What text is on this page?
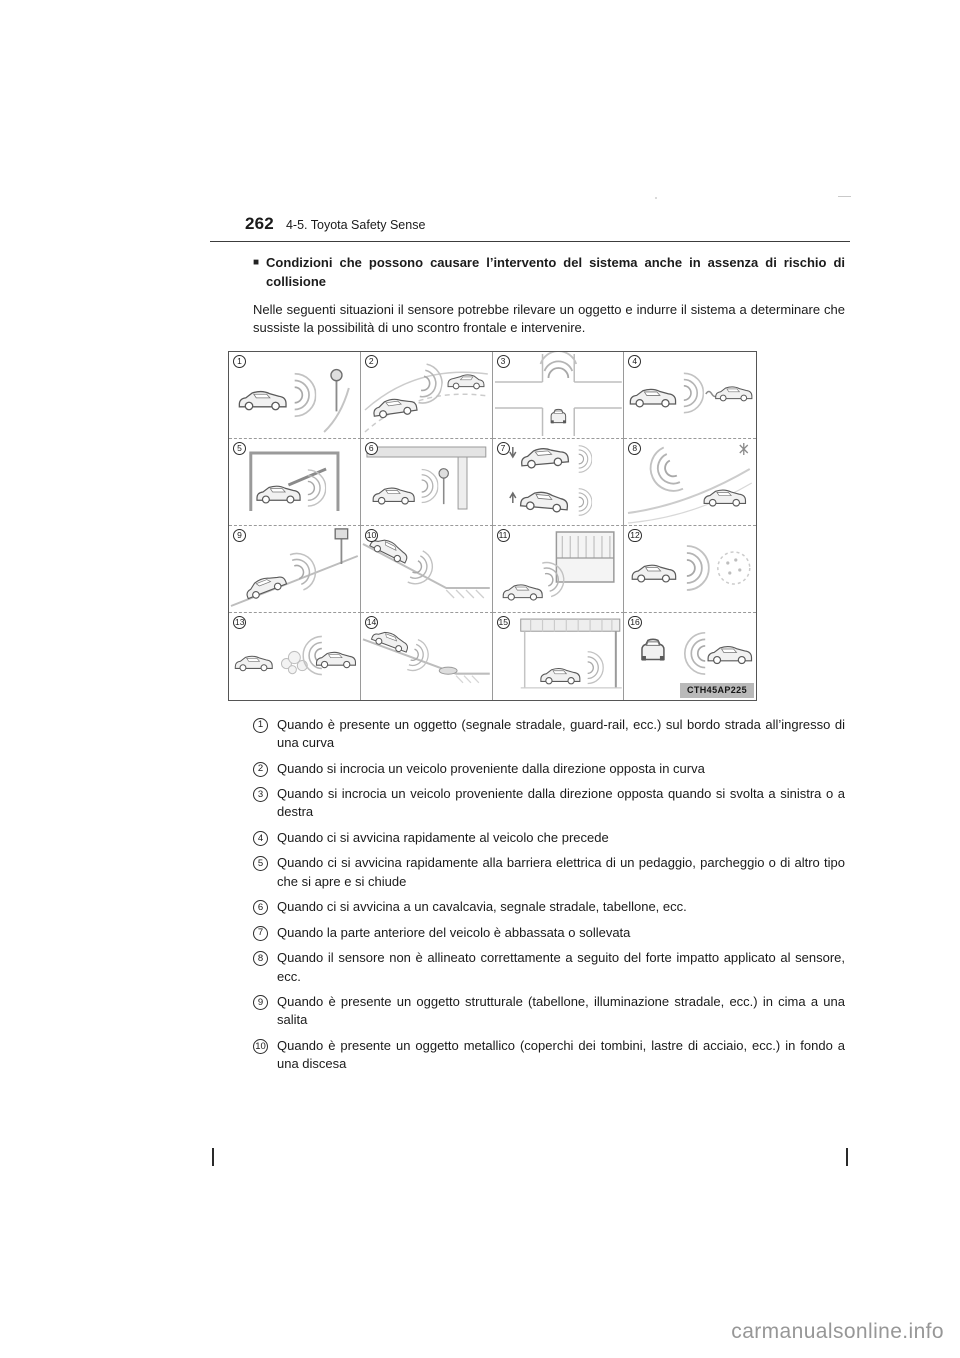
262 4-5. Toyota Safety Sense
■ Condizioni che possono causare l’intervento del sistema anche in assenza di rischio di collisione

Nelle seguenti situazioni il sensore potrebbe rilevare un oggetto e indurre il sistema a determinare che sussiste la possibilità di uno scontro frontale e intervenire.

1	2	3	4
5	6	7	8
9	10	11	12
13	14	15	16
CTH45AP225
1	Quando è presente un oggetto (segnale stradale, guard-rail, ecc.) sul bordo strada all’ingresso di una curva
2	Quando si incrocia un veicolo proveniente dalla direzione opposta in curva
3	Quando si incrocia un veicolo proveniente dalla direzione opposta quando si svolta a sinistra o a destra
4	Quando ci si avvicina rapidamente al veicolo che precede
5	Quando ci si avvicina rapidamente alla barriera elettrica di un pedaggio, parcheggio o di altro tipo che si apre e si chiude
6	Quando ci si avvicina a un cavalcavia, segnale stradale, tabellone, ecc.
7	Quando la parte anteriore del veicolo è abbassata o sollevata
8	Quando il sensore non è allineato correttamente a seguito del forte impatto applicato al sensore, ecc.
9	Quando è presente un oggetto strutturale (tabellone, illuminazione stradale, ecc.) in cima a una salita
10 Quando è presente un oggetto metallico (coperchi dei tombini, lastre di acciaio, ecc.) in fondo a una discesa
carmanualsonline.info
